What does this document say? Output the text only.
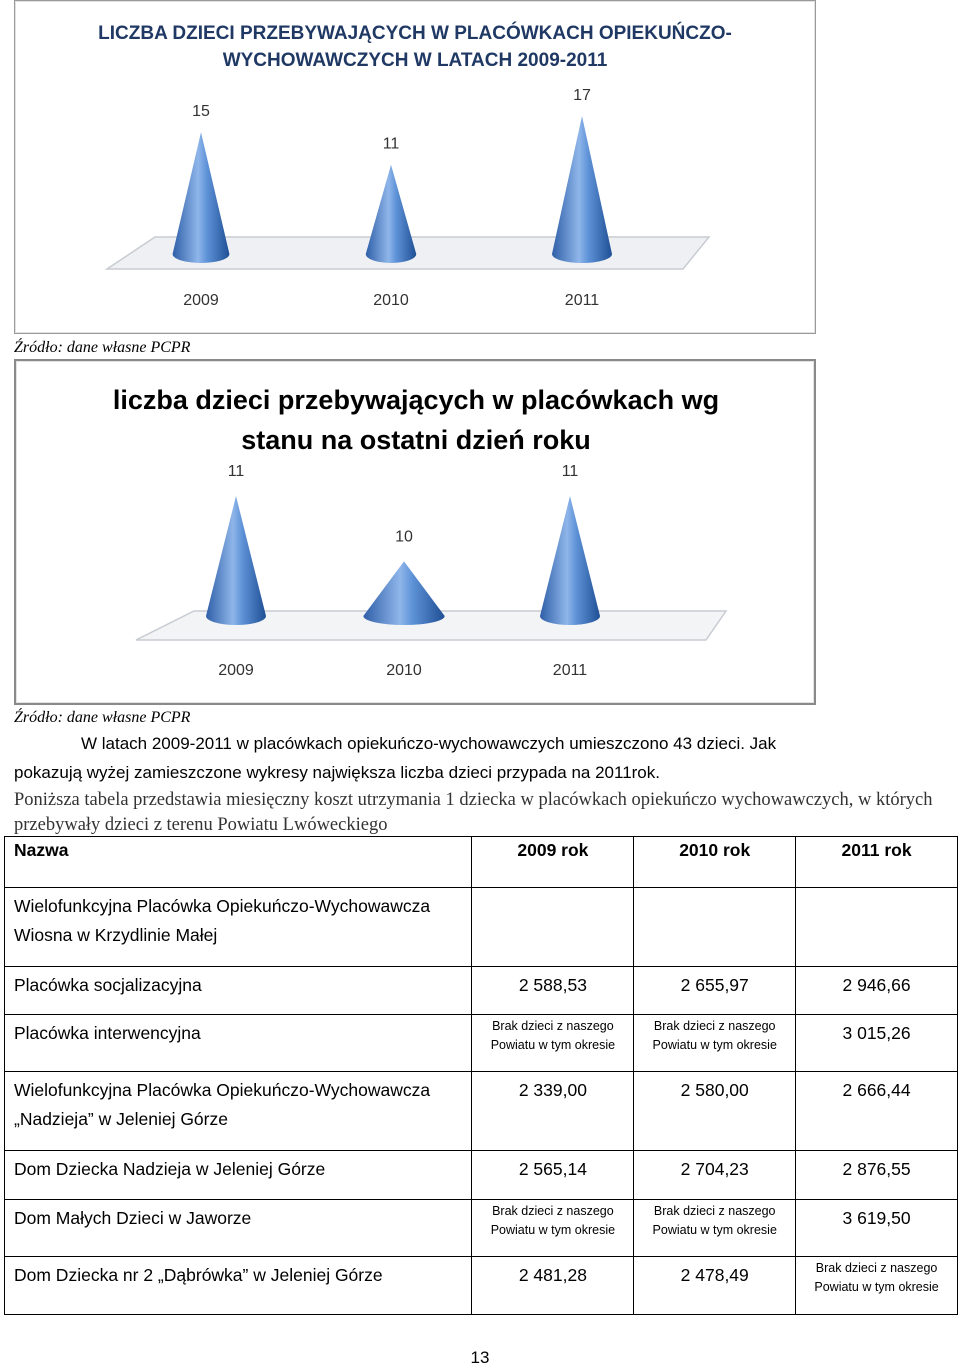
LICZBA DZIECI PRZEBYWAJĄCYCH W PLACÓWKACH OPIEKUŃCZO-
WYCHOWAWCZYCH W LATACH 2009-2011
15
2009
11
2010
17
2011
Źródło: dane własne PCPR
liczba dzieci przebywających w placówkach wg
stanu na ostatni dzień roku
11
2009
10
2010
11
2011
Źródło: dane własne PCPR
W latach 2009-2011 w placówkach opiekuńczo-wychowawczych umieszczono 43 dzieci. Jak
pokazują wyżej zamieszczone wykresy największa liczba dzieci przypada na 2011rok.
Poniższa tabela przedstawia miesięczny koszt utrzymania 1 dziecka w placówkach opiekuńczo wychowawczych, w których przebywały dzieci z terenu Powiatu Lwóweckiego
Nazwa	2009 rok	2010 rok	2011 rok
Wielofunkcyjna Placówka Opiekuńczo-Wychowawcza Wiosna w Krzydlinie Małej			
Placówka socjalizacyjna	2 588,53	2 655,97	2 946,66
Placówka interwencyjna	Brak dzieci z naszego Powiatu w tym okresie	Brak dzieci z naszego Powiatu w tym okresie	3 015,26
Wielofunkcyjna Placówka Opiekuńczo-Wychowawcza „Nadzieja” w Jeleniej Górze	2 339,00	2 580,00	2 666,44
Dom Dziecka Nadzieja w Jeleniej Górze	2 565,14	2 704,23	2 876,55
Dom Małych Dzieci w Jaworze	Brak dzieci z naszego Powiatu w tym okresie	Brak dzieci z naszego Powiatu w tym okresie	3 619,50
Dom Dziecka nr 2 „Dąbrówka” w Jeleniej Górze	2 481,28	2 478,49	Brak dzieci z naszego Powiatu w tym okresie
13
